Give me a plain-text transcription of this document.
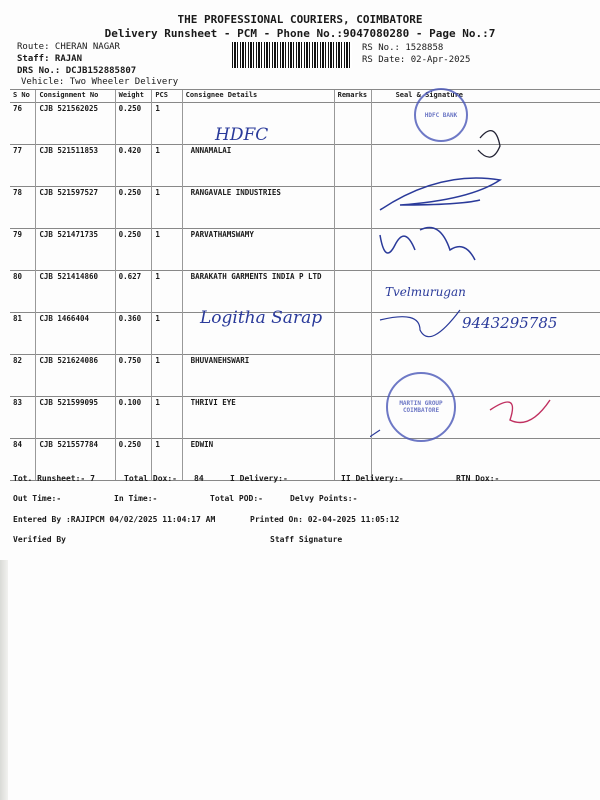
THE PROFESSIONAL COURIERS, COIMBATORE
Delivery Runsheet - PCM - Phone No.:9047080280 - Page No.:7
Route: CHERAN NAGAR
Staff: RAJAN
DRS No.: DCJB152885807
Vehicle: Two Wheeler Delivery
RS No.: 1528858
RS Date: 02-Apr-2025
S No	Consignment No	Weight	PCS	Consignee Details	Remarks	Seal & Signature
76	CJB 521562025	0.250	1			
77	CJB 521511853	0.420	1	ANNAMALAI		
78	CJB 521597527	0.250	1	RANGAVALE INDUSTRIES		
79	CJB 521471735	0.250	1	PARVATHAMSWAMY		
80	CJB 521414860	0.627	1	BARAKATH GARMENTS INDIA P LTD		
81	CJB 1466404	0.360	1			
82	CJB 521624086	0.750	1	BHUVANEHSWARI		
83	CJB 521599095	0.100	1	THRIVI EYE		
84	CJB 521557784	0.250	1	EDWIN		
HDFC
Logitha Sarap
Tvelmurugan
9443295785
HDFC BANK
MARTIN GROUP COIMBATORE
Tot. Runsheet:- 7	Total Dox:- 84	I Delivery:-	II Delivery:-	RTN Dox:-
Out Time:-	In Time:-	Total POD:-	Delvy Points:-
Entered By :RAJIPCM 04/02/2025 11:04:17 AM	Printed On: 02-04-2025 11:05:12
Verified By	Staff Signature
